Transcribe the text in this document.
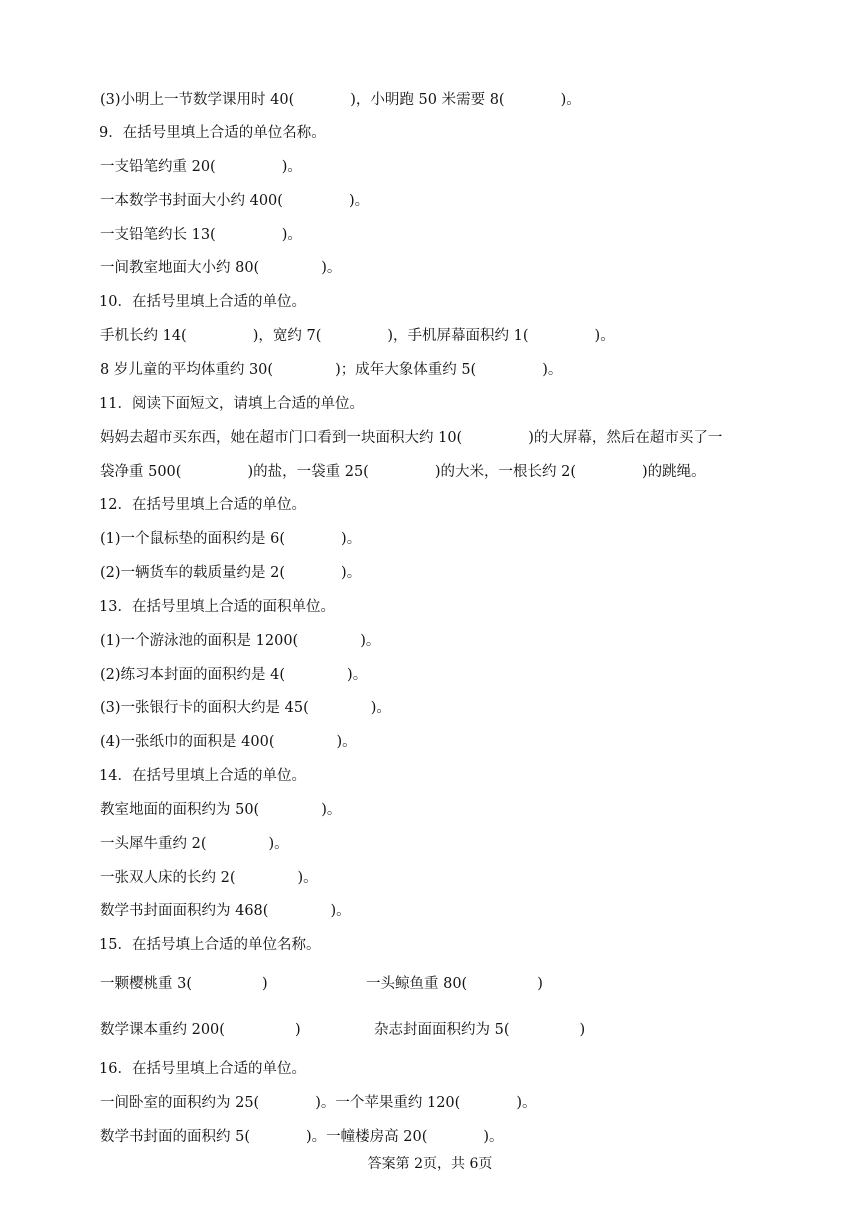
(3)小明上一节数学课用时 40(	)，小明跑 50 米需要 8(	)。
9．在括号里填上合适的单位名称。
一支铅笔约重 20(	)。
一本数学书封面大小约 400(	)。
一支铅笔约长 13(	)。
一间教室地面大小约 80(	)。
10．在括号里填上合适的单位。
手机长约 14(	)，宽约 7(	)，手机屏幕面积约 1(	)。
8 岁儿童的平均体重约 30(	)；成年大象体重约 5(	)。
11．阅读下面短文，请填上合适的单位。
妈妈去超市买东西，她在超市门口看到一块面积大约 10(	)的大屏幕，然后在超市买了一
袋净重 500(	)的盐，一袋重 25(	)的大米，一根长约 2(	)的跳绳。
12．在括号里填上合适的单位。
(1)一个鼠标垫的面积约是 6(	)。
(2)一辆货车的载质量约是 2(	)。
13．在括号里填上合适的面积单位。
(1)一个游泳池的面积是 1200(	)。
(2)练习本封面的面积约是 4(	)。
(3)一张银行卡的面积大约是 45(	)。
(4)一张纸巾的面积是 400(	)。
14．在括号里填上合适的单位。
教室地面的面积约为 50(	)。
一头犀牛重约 2(	)。
一张双人床的长约 2(	)。
数学书封面面积约为 468(	)。
15．在括号填上合适的单位名称。
一颗樱桃重 3(	)	一头鲸鱼重 80(	)
数学课本重约 200(	)	杂志封面面积约为 5(	)
16．在括号里填上合适的单位。
一间卧室的面积约为 25(	)。一个苹果重约 120(	)。
数学书封面的面积约 5(	)。一幢楼房高 20(	)。
答案第 2页，共 6页
